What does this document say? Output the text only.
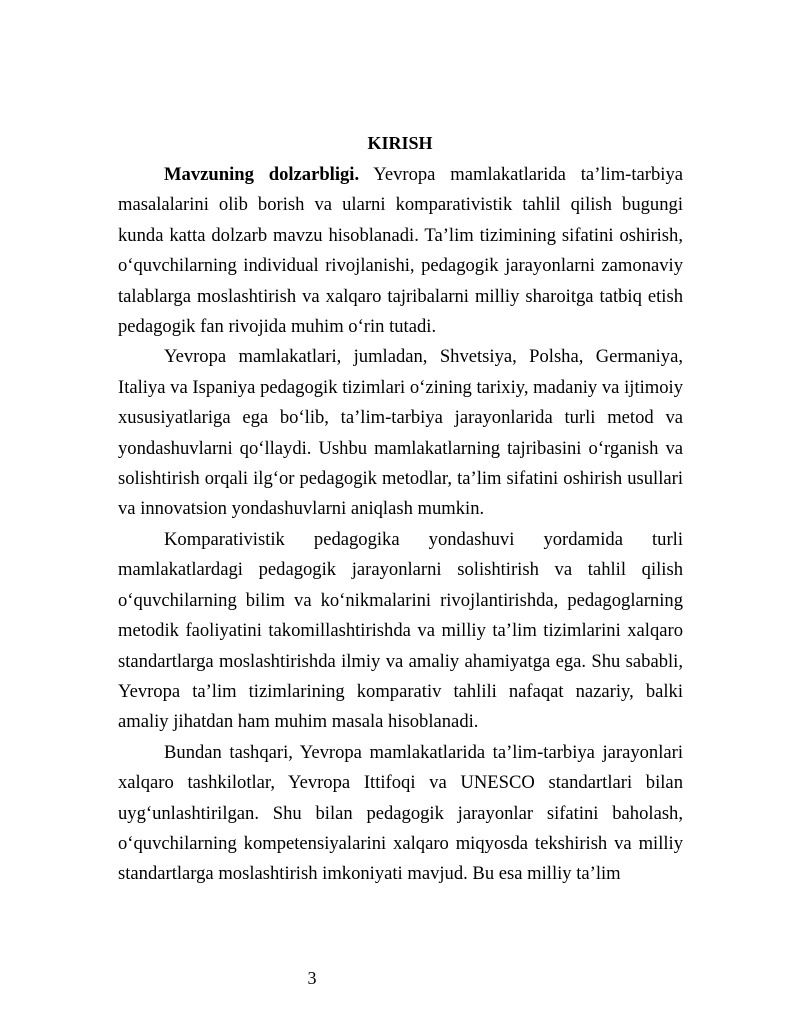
KIRISH

Mavzuning dolzarbligi. Yevropa mamlakatlarida ta’lim-tarbiya masalalarini olib borish va ularni komparativistik tahlil qilish bugungi kunda katta dolzarb mavzu hisoblanadi. Ta’lim tizimining sifatini oshirish, o‘quvchilarning individual rivojlanishi, pedagogik jarayonlarni zamonaviy talablarga moslashtirish va xalqaro tajribalarni milliy sharoitga tatbiq etish pedagogik fan rivojida muhim o‘rin tutadi.

Yevropa mamlakatlari, jumladan, Shvetsiya, Polsha, Germaniya, Italiya va Ispaniya pedagogik tizimlari o‘zining tarixiy, madaniy va ijtimoiy xususiyatlariga ega bo‘lib, ta’lim-tarbiya jarayonlarida turli metod va yondashuvlarni qo‘llaydi. Ushbu mamlakatlarning tajribasini o‘rganish va solishtirish orqali ilg‘or pedagogik metodlar, ta’lim sifatini oshirish usullari va innovatsion yondashuvlarni aniqlash mumkin.

Komparativistik pedagogika yondashuvi yordamida turli mamlakatlardagi pedagogik jarayonlarni solishtirish va tahlil qilish o‘quvchilarning bilim va ko‘nikmalarini rivojlantirishda, pedagoglarning metodik faoliyatini takomillashtirishda va milliy ta’lim tizimlarini xalqaro standartlarga moslashtirishda ilmiy va amaliy ahamiyatga ega. Shu sababli, Yevropa ta’lim tizimlarining komparativ tahlili nafaqat nazariy, balki amaliy jihatdan ham muhim masala hisoblanadi.

Bundan tashqari, Yevropa mamlakatlarida ta’lim-tarbiya jarayonlari xalqaro tashkilotlar, Yevropa Ittifoqi va UNESCO standartlari bilan uyg‘unlashtirilgan. Shu bilan pedagogik jarayonlar sifatini baholash, o‘quvchilarning kompetensiyalarini xalqaro miqyosda tekshirish va milliy standartlarga moslashtirish imkoniyati mavjud. Bu esa milliy ta’lim

3
